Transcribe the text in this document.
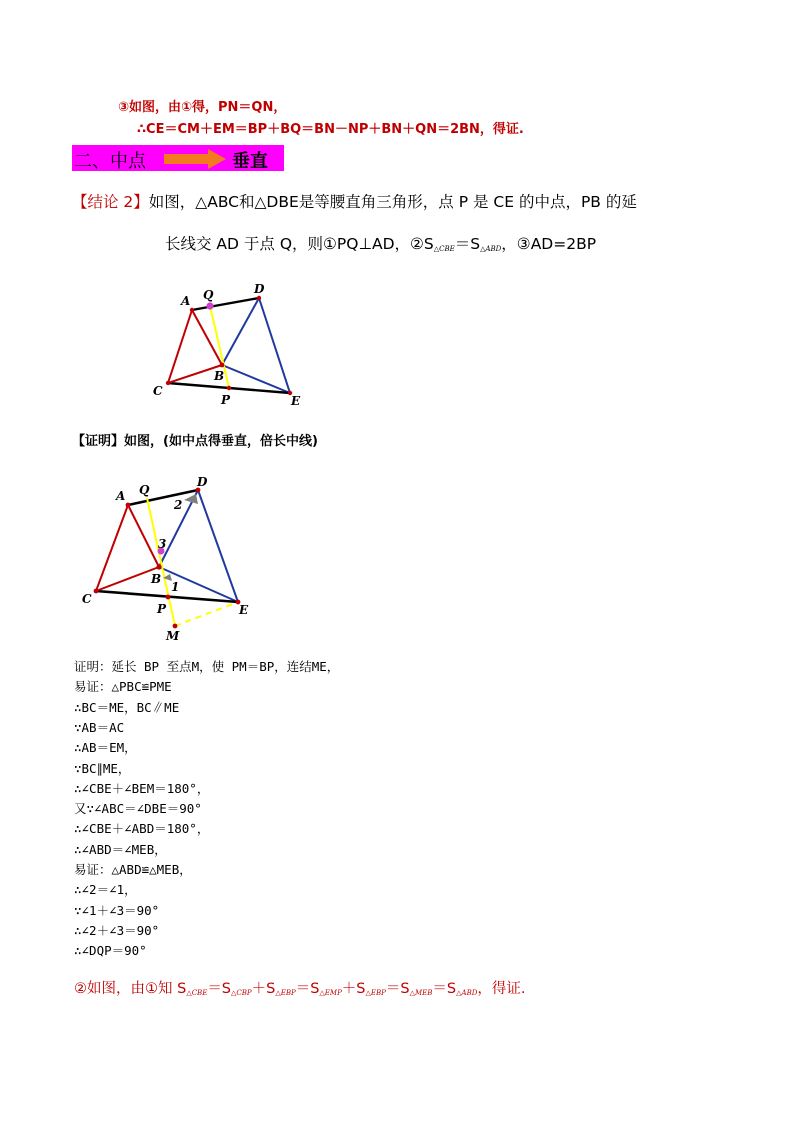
③如图，由①得，PN＝QN，
∴CE＝CM＋EM＝BP＋BQ＝BN－NP＋BN＋QN＝2BN，得证.
二、中点	垂直
【结论 2】如图，△ABC和△DBE是等腰直角三角形，点 P 是 CE 的中点，PB 的延
长线交 AD 于点 Q，则①PQ⊥AD，$②S_{\triangle CBE}=S_{\triangle ABD}$，③AD=2BP
A Q	D
B
C
P	E
【证明】如图，(如中点得垂直，倍长中线)
A Q
D
B
C
P	E
M
1
2
3
证明：延长 BP 至点M，使 PM＝BP，连结ME，
易证：△PBC≌PME
∴BC＝ME，BC∥ME
∵AB＝AC
∴AB＝EM，
∵BC∥ME，
∴∠CBE＋∠BEM＝180°，
又∵∠ABC＝∠DBE＝90°
∴∠CBE＋∠ABD＝180°，
∴∠ABD＝∠MEB，
易证：△ABD≌△MEB，
∴∠2＝∠1，
∵∠1＋∠3＝90°
∴∠2＋∠3＝90°
∴∠DQP＝90°
②如图，由①知 $S_{\triangle CBE}=S_{\triangle CBP}+S_{\triangle EBP}=S_{\triangle EMP}+S_{\triangle EBP}=S_{\triangle MEB}=S_{\triangle ABD}$，得证.
